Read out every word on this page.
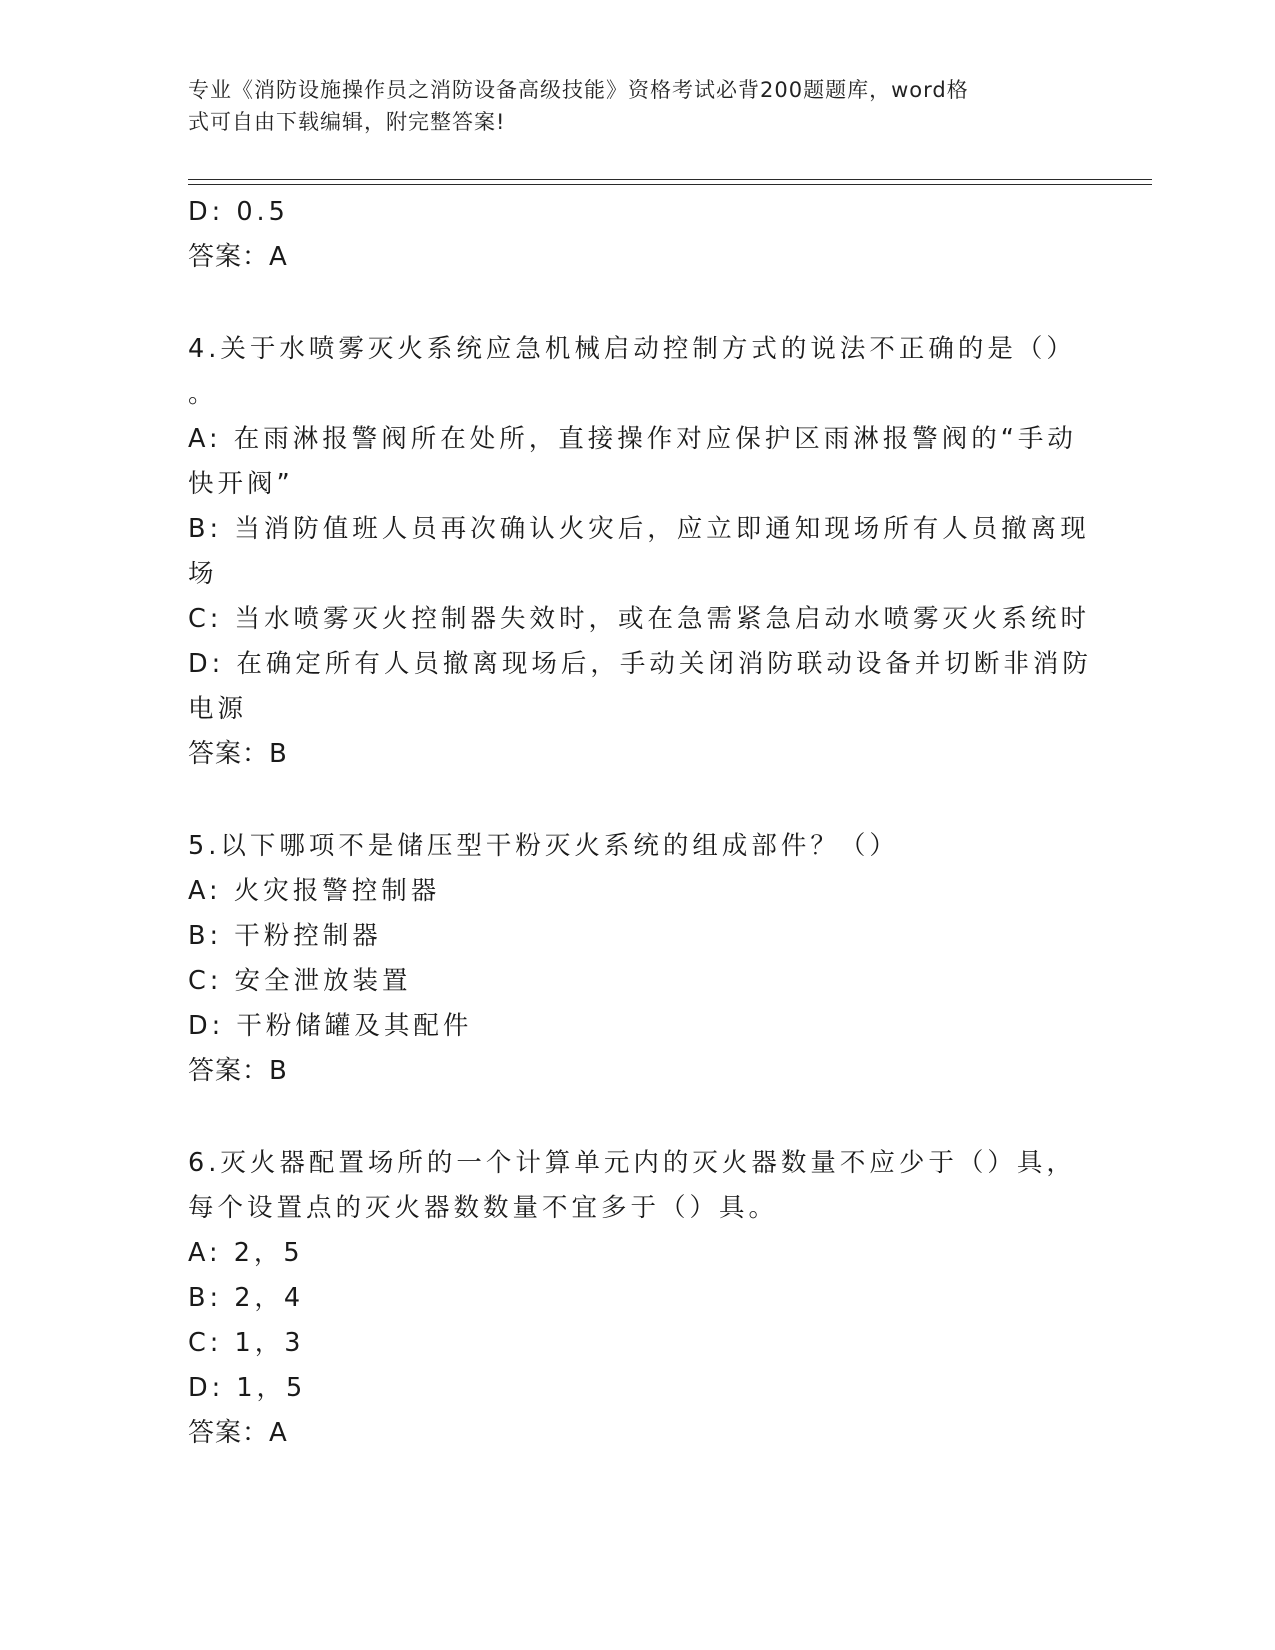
专业《消防设施操作员之消防设备高级技能》资格考试必背200题题库，word格
式可自由下载编辑，附完整答案!
D: 0.5
答案：A
4.关于水喷雾灭火系统应急机械启动控制方式的说法不正确的是（）
。
A: 在雨淋报警阀所在处所，直接操作对应保护区雨淋报警阀的“手动
快开阀”
B: 当消防值班人员再次确认火灾后，应立即通知现场所有人员撤离现
场
C: 当水喷雾灭火控制器失效时，或在急需紧急启动水喷雾灭火系统时
D: 在确定所有人员撤离现场后，手动关闭消防联动设备并切断非消防
电源
答案：B
5.以下哪项不是储压型干粉灭火系统的组成部件？（）
A: 火灾报警控制器
B: 干粉控制器
C: 安全泄放装置
D: 干粉储罐及其配件
答案：B
6.灭火器配置场所的一个计算单元内的灭火器数量不应少于（）具，
每个设置点的灭火器数数量不宜多于（）具。
A: 2，5
B: 2，4
C: 1，3
D: 1，5
答案：A
